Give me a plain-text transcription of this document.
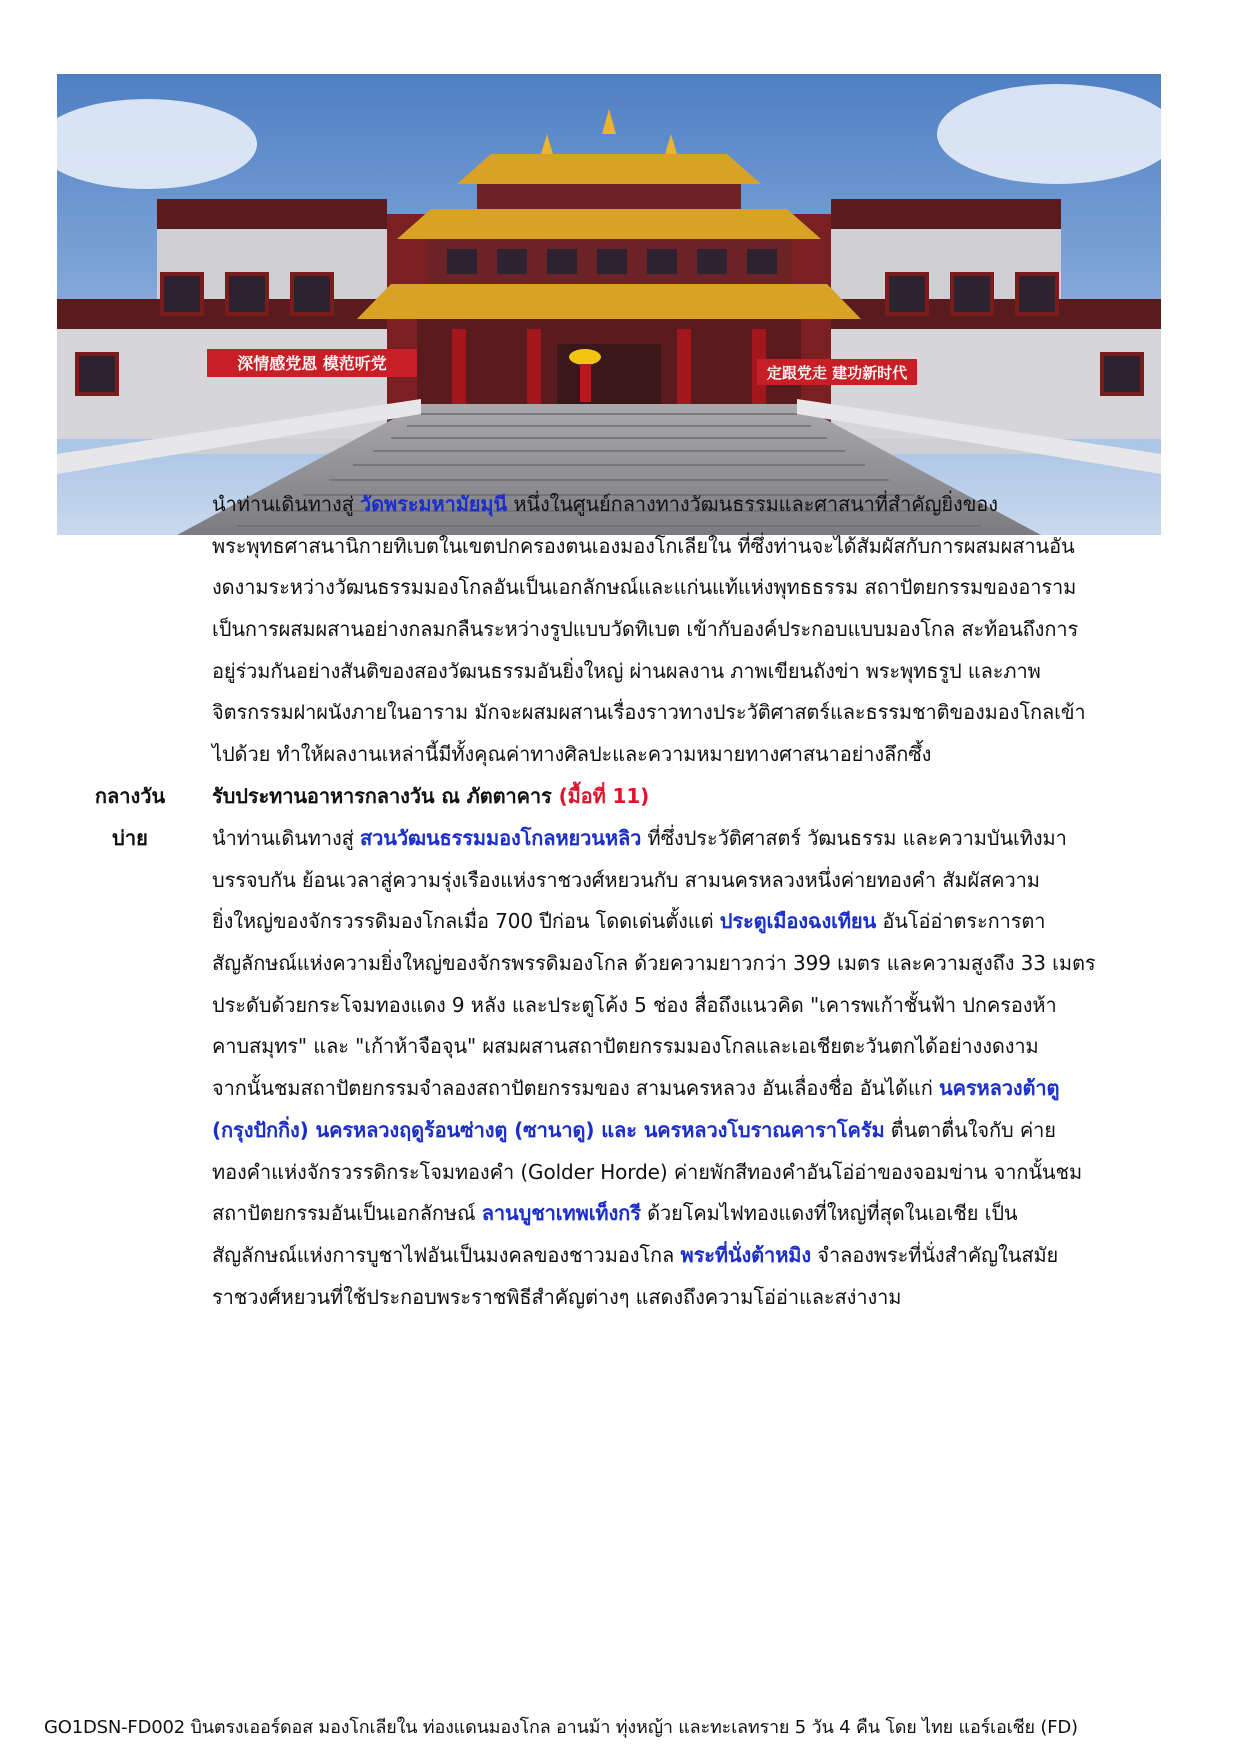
深情感党恩 模范听党	定跟党走 建功新时代
นำท่านเดินทางสู่ วัดพระมหามัยมุนี หนึ่งในศูนย์กลางทางวัฒนธรรมและศาสนาที่สำคัญยิ่งของ
พระพุทธศาสนานิกายทิเบตในเขตปกครองตนเองมองโกเลียใน ที่ซึ่งท่านจะได้สัมผัสกับการผสมผสานอัน
งดงามระหว่างวัฒนธรรมมองโกลอันเป็นเอกลักษณ์และแก่นแท้แห่งพุทธธรรม สถาปัตยกรรมของอาราม
เป็นการผสมผสานอย่างกลมกลืนระหว่างรูปแบบวัดทิเบต เข้ากับองค์ประกอบแบบมองโกล สะท้อนถึงการ
อยู่ร่วมกันอย่างสันติของสองวัฒนธรรมอันยิ่งใหญ่ ผ่านผลงาน ภาพเขียนถังข่า พระพุทธรูป และภาพ
จิตรกรรมฝาผนังภายในอาราม มักจะผสมผสานเรื่องราวทางประวัติศาสตร์และธรรมชาติของมองโกลเข้า
ไปด้วย ทำให้ผลงานเหล่านี้มีทั้งคุณค่าทางศิลปะและความหมายทางศาสนาอย่างลึกซึ้ง
กลางวัน	รับประทานอาหารกลางวัน ณ ภัตตาคาร (มื้อที่ 11)
บ่าย	นำท่านเดินทางสู่ สวนวัฒนธรรมมองโกลหยวนหลิว ที่ซึ่งประวัติศาสตร์ วัฒนธรรม และความบันเทิงมา
บรรจบกัน ย้อนเวลาสู่ความรุ่งเรืองแห่งราชวงศ์หยวนกับ สามนครหลวงหนึ่งค่ายทองคำ สัมผัสความ
ยิ่งใหญ่ของจักรวรรดิมองโกลเมื่อ 700 ปีก่อน โดดเด่นตั้งแต่ ประตูเมืองฉงเทียน อันโอ่อ่าตระการตา
สัญลักษณ์แห่งความยิ่งใหญ่ของจักรพรรดิมองโกล ด้วยความยาวกว่า 399 เมตร และความสูงถึง 33 เมตร
ประดับด้วยกระโจมทองแดง 9 หลัง และประตูโค้ง 5 ช่อง สื่อถึงแนวคิด "เคารพเก้าชั้นฟ้า ปกครองห้า
คาบสมุทร" และ "เก้าห้าจือจุน" ผสมผสานสถาปัตยกรรมมองโกลและเอเชียตะวันตกได้อย่างงดงาม
จากนั้นชมสถาปัตยกรรมจำลองสถาปัตยกรรมของ สามนครหลวง อันเลื่องชื่อ อันได้แก่ นครหลวงต้าตู
(กรุงปักกิ่ง) นครหลวงฤดูร้อนซ่างตู (ซานาดู) และ นครหลวงโบราณคาราโครัม ตื่นตาตื่นใจกับ ค่าย
ทองคำแห่งจักรวรรดิกระโจมทองคำ (Golder Horde) ค่ายพักสีทองคำอันโอ่อ่าของจอมข่าน จากนั้นชม
สถาปัตยกรรมอันเป็นเอกลักษณ์ ลานบูชาเทพเท็งกรี ด้วยโคมไฟทองแดงที่ใหญ่ที่สุดในเอเชีย เป็น
สัญลักษณ์แห่งการบูชาไฟอันเป็นมงคลของชาวมองโกล พระที่นั่งต้าหมิง จำลองพระที่นั่งสำคัญในสมัย
ราชวงศ์หยวนที่ใช้ประกอบพระราชพิธีสำคัญต่างๆ แสดงถึงความโอ่อ่าและสง่างาม
GO1DSN-FD002 บินตรงเออร์ดอส มองโกเลียใน ท่องแดนมองโกล อานม้า ทุ่งหญ้า และทะเลทราย 5 วัน 4 คืน โดย ไทย แอร์เอเชีย (FD)
